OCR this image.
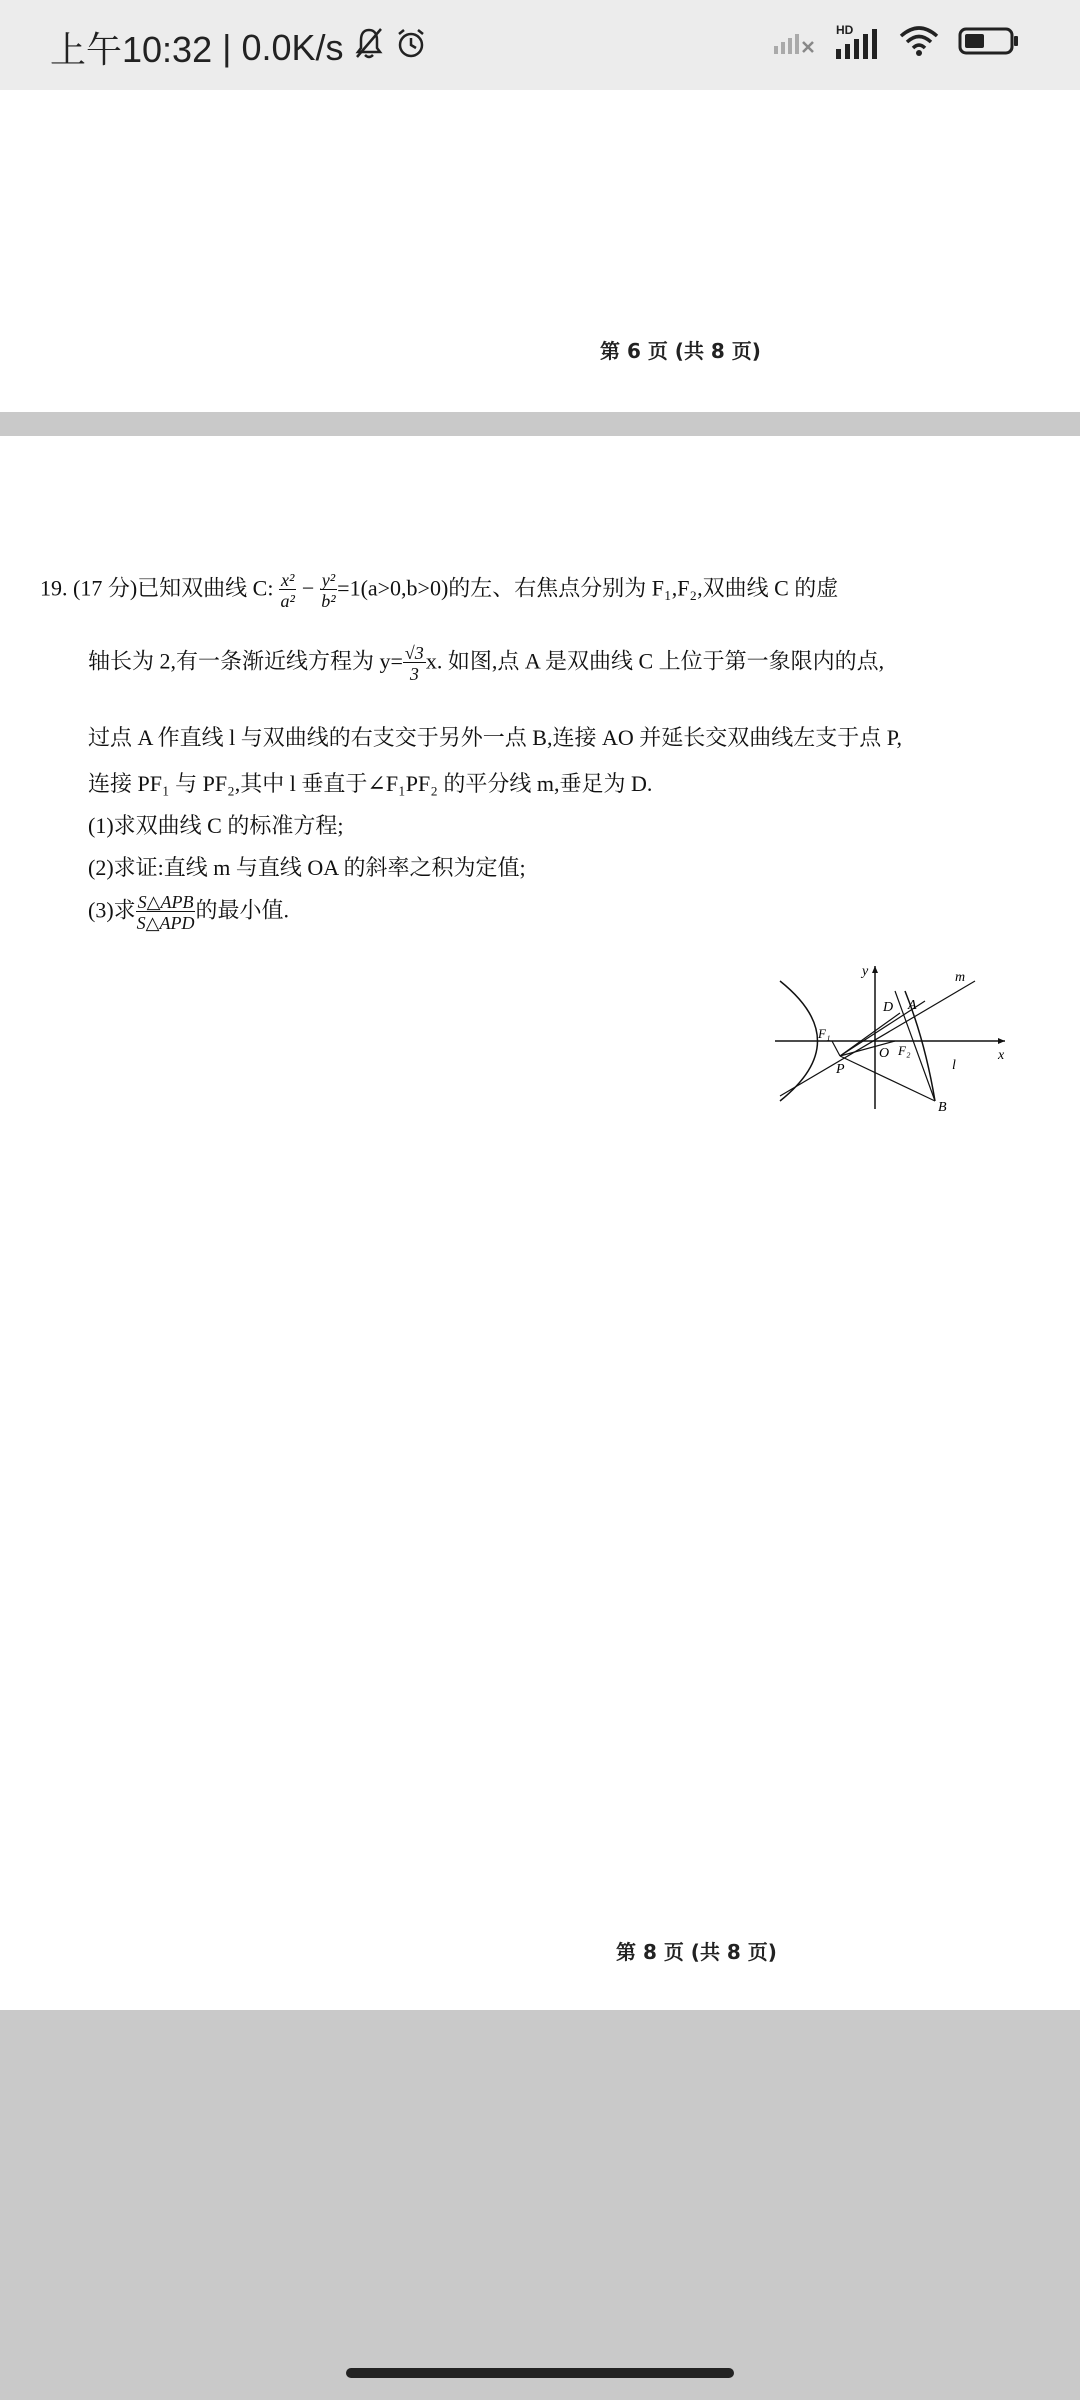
上午10:32 | 0.0K/s	HD
第 6 页 (共 8 页)
19. (17 分)已知双曲线 C: $\frac{\text{x²}}{\text{a²}} - \frac{\text{y²}}{\text{b²}} =1(a>0,b>0)$的左、右焦点分别为 F₁,F₂,双曲线 C 的虚
轴长为 2,有一条渐近线方程为 $y= \frac{√3}{3} x$. 如图,点 A 是双曲线 C 上位于第一象限内的点,
过点 A 作直线 l 与双曲线的右支交于另外一点 B,连接 AO 并延长交双曲线左支于点 P,
连接 PF₁ 与 PF₂,其中 l 垂直于∠F₁PF₂ 的平分线 m,垂足为 D.
(1)求双曲线 C 的标准方程;
(2)求证:直线 m 与直线 OA 的斜率之积为定值;
(3)求 $\frac{\text{S△APB}}{\text{S△APD}}$ 的最小值.
y
x
m
D A
F₁
O F₂
P	l
B
第 8 页 (共 8 页)
